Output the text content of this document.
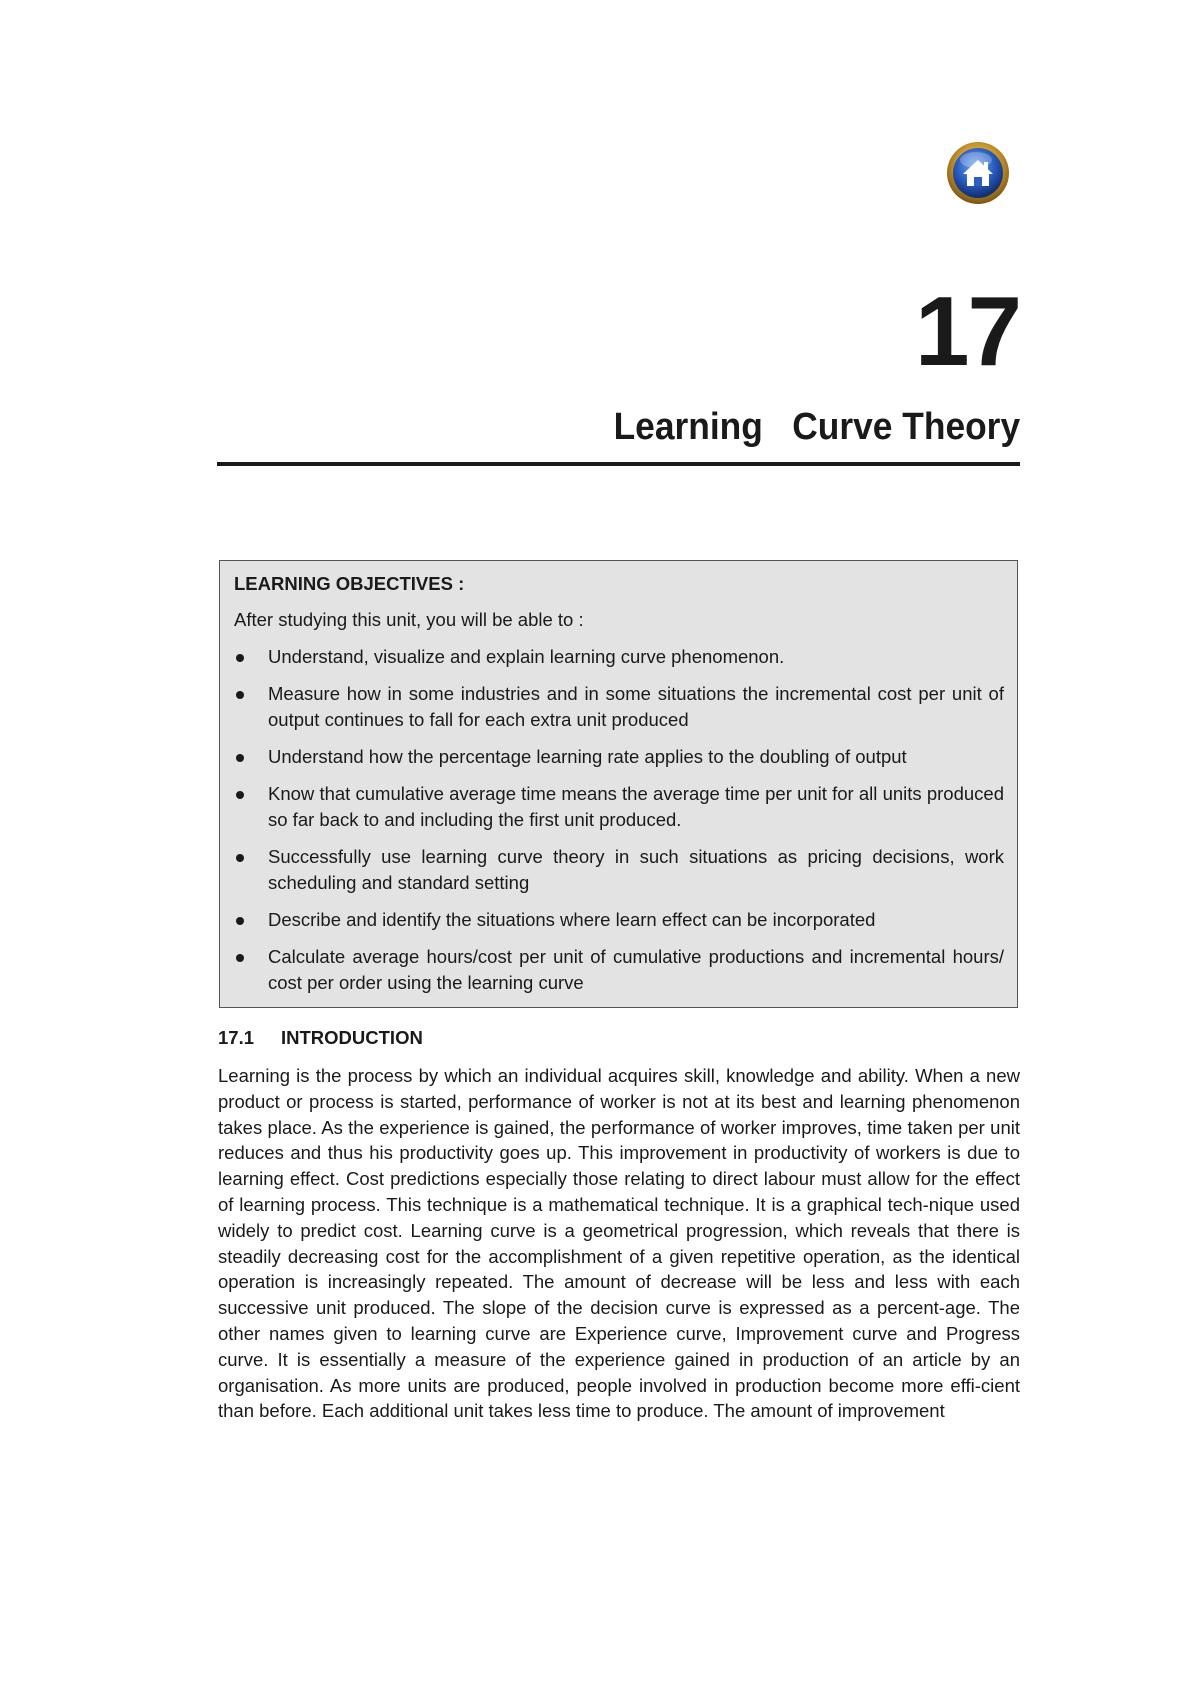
17
Learning   Curve Theory
LEARNING OBJECTIVES :
After studying this unit, you will be able to :
Understand, visualize and explain learning curve phenomenon.
Measure how in some industries and in some situations the incremental cost per unit of output continues to fall for each extra unit produced
Understand how the percentage learning rate applies to the doubling of output
Know that cumulative average time means the average time per unit for all units produced so far back to and including the first unit produced.
Successfully use learning curve theory in such situations as pricing decisions, work scheduling and standard setting
Describe and identify the situations where learn effect can be incorporated
Calculate average hours/cost per unit of cumulative productions and incremental hours/ cost per order using the learning curve
17.1 INTRODUCTION
Learning is the process by which an individual acquires skill, knowledge and ability. When a new product or process is started, performance of worker is not at its best and learning phenomenon takes place. As the experience is gained, the performance of worker improves, time taken per unit reduces and thus his productivity goes up. This improvement in productivity of workers is due to learning effect. Cost predictions especially those relating to direct labour must allow for the effect of learning process. This technique is a mathematical technique. It is a graphical tech-nique used widely to predict cost. Learning curve is a geometrical progression, which reveals that there is steadily decreasing cost for the accomplishment of a given repetitive operation, as the identical operation is increasingly repeated. The amount of decrease will be less and less with each successive unit produced. The slope of the decision curve is expressed as a percent-age. The other names given to learning curve are Experience curve, Improvement curve and Progress curve. It is essentially a measure of the experience gained in production of an article by an organisation. As more units are produced, people involved in production become more effi-cient than before. Each additional unit takes less time to produce. The amount of improvement
